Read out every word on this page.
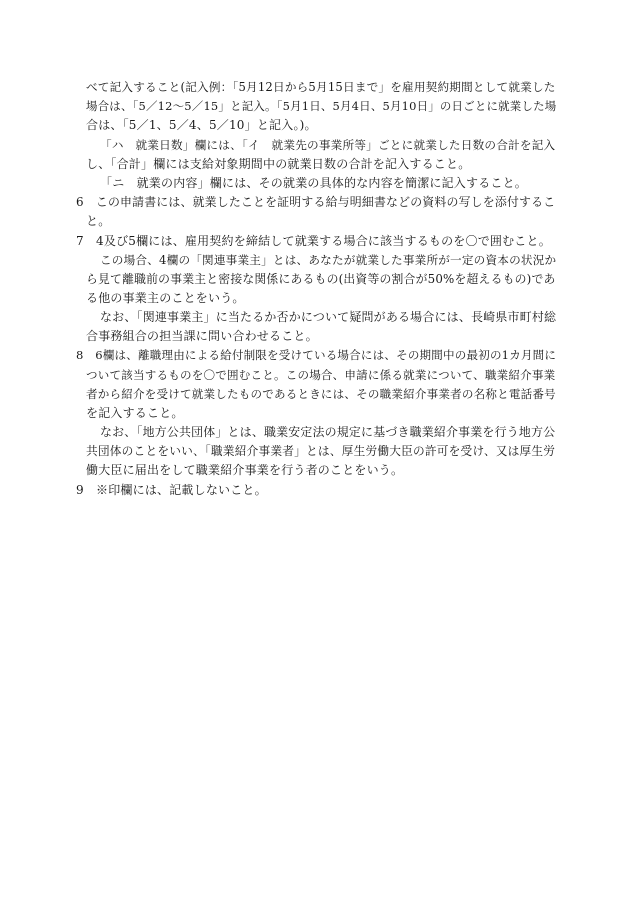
べて記入すること(記入例：「5月12日から5月15日まで」を雇用契約期間として就業した
場合は、「5／12〜5／15」と記入。「5月1日、5月4日、5月10日」の日ごとに就業した場
合は、「5／1、5／4、5／10」と記入。)。
「ハ　就業日数」欄には、「イ　就業先の事業所等」ごとに就業した日数の合計を記入
し、「合計」欄には支給対象期間中の就業日数の合計を記入すること。
「ニ　就業の内容」欄には、その就業の具体的な内容を簡潔に記入すること。
6　この申請書には、就業したことを証明する給与明細書などの資料の写しを添付するこ
と。
7　4及び5欄には、雇用契約を締結して就業する場合に該当するものを〇で囲むこと。
この場合、4欄の「関連事業主」とは、あなたが就業した事業所が一定の資本の状況か
ら見て離職前の事業主と密接な関係にあるもの(出資等の割合が50%を超えるもの)であ
る他の事業主のことをいう。
なお、「関連事業主」に当たるか否かについて疑問がある場合には、長崎県市町村総
合事務組合の担当課に問い合わせること。
8　6欄は、離職理由による給付制限を受けている場合には、その期間中の最初の1カ月間に
ついて該当するものを〇で囲むこと。この場合、申請に係る就業について、職業紹介事業
者から紹介を受けて就業したものであるときには、その職業紹介事業者の名称と電話番号
を記入すること。
なお、「地方公共団体」とは、職業安定法の規定に基づき職業紹介事業を行う地方公
共団体のことをいい、「職業紹介事業者」とは、厚生労働大臣の許可を受け、又は厚生労
働大臣に届出をして職業紹介事業を行う者のことをいう。
9　※印欄には、記載しないこと。
